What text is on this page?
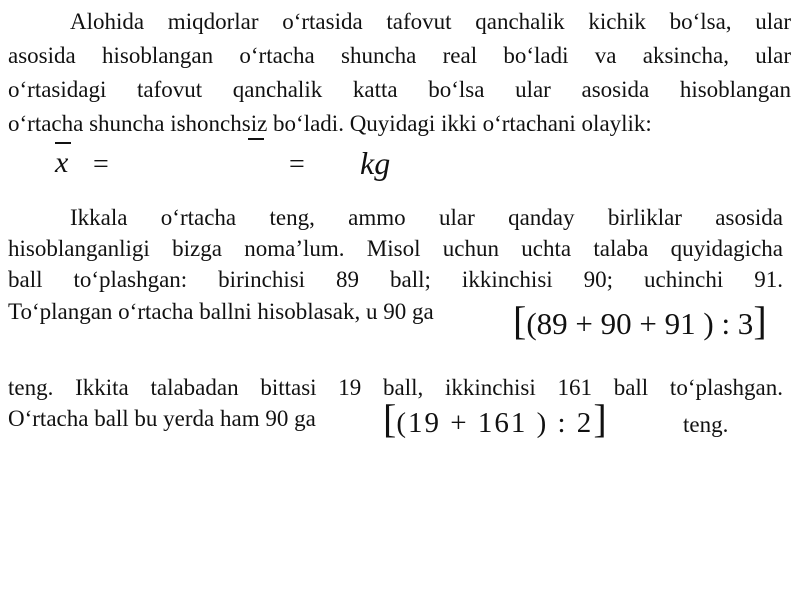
Alohida miqdorlar o‘rtasida tafovut qanchalik kichik bo‘lsa, ular
asosida hisoblangan o‘rtacha shuncha real bo‘ladi va aksincha, ular
o‘rtasidagi tafovut qanchalik katta bo‘lsa ular asosida hisoblangan
o‘rtacha shuncha ishonchsiz bo‘ladi. Quyidagi ikki o‘rtachani olaylik:
x =	= kg
Ikkala o‘rtacha teng, ammo ular qanday birliklar asosida
hisoblanganligi bizga noma’lum. Misol uchun uchta talaba quyidagicha
ball to‘plashgan: birinchisi 89 ball; ikkinchisi 90; uchinchi 91.
To‘plangan o‘rtacha ballni hisoblasak, u 90 ga [(89 + 90 + 91 ) : 3]
teng. Ikkita talabadan bittasi 19 ball, ikkinchisi 161 ball to‘plashgan.
O‘rtacha ball bu yerda ham 90 ga [(19 + 161 ) : 2]	teng.
